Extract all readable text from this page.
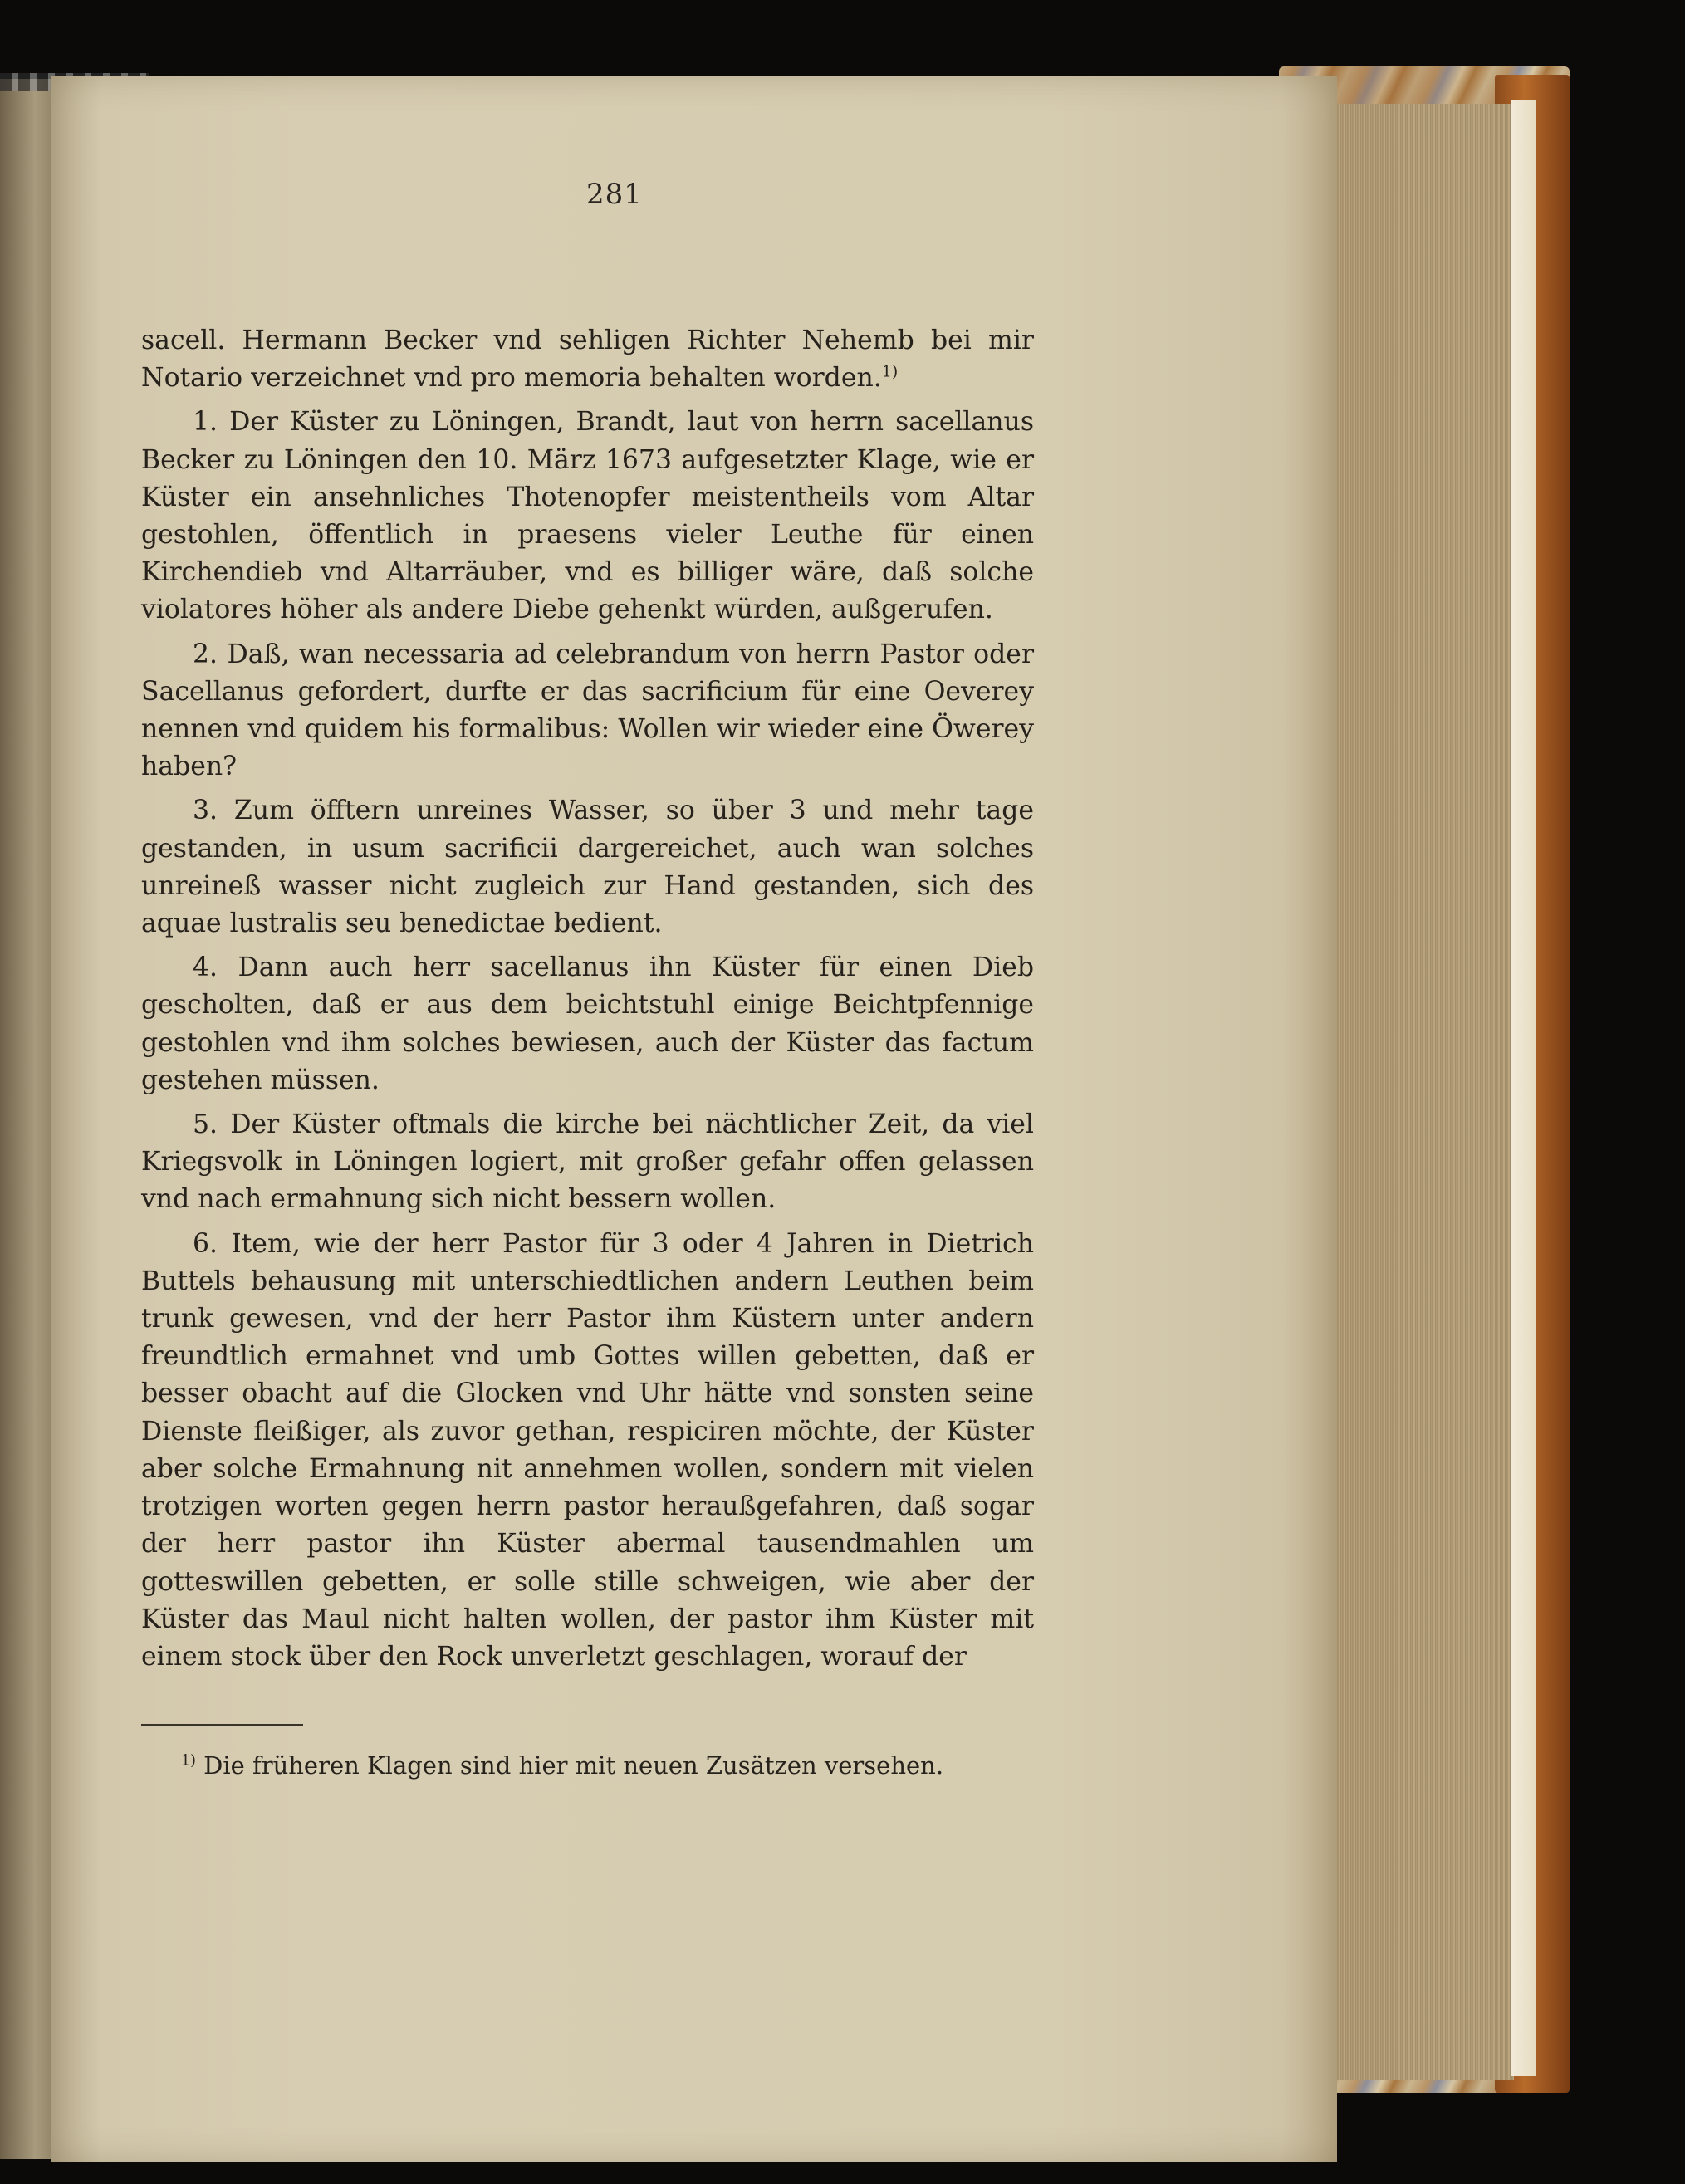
281

sacell. Hermann Becker vnd sehligen Richter Nehemb bei mir Notario verzeichnet vnd pro memoria behalten worden.$^{1)}$

1. Der Küster zu Löningen, Brandt, laut von herrn sacellanus Becker zu Löningen den 10. März 1673 aufgesetzter Klage, wie er Küster ein ansehnliches Thotenopfer meistentheils vom Altar gestohlen, öffentlich in praesens vieler Leuthe für einen Kirchendieb vnd Altarräuber, vnd es billiger wäre, daß solche violatores höher als andere Diebe gehenkt würden, außgerufen.

2. Daß, wan necessaria ad celebrandum von herrn Pastor oder Sacellanus gefordert, durfte er das sacrificium für eine Oeverey nennen vnd quidem his formalibus: Wollen wir wieder eine Öwerey haben?

3. Zum öfftern unreines Wasser, so über 3 und mehr tage gestanden, in usum sacrificii dargereichet, auch wan solches unreineß wasser nicht zugleich zur Hand gestanden, sich des aquae lustralis seu benedictae bedient.

4. Dann auch herr sacellanus ihn Küster für einen Dieb gescholten, daß er aus dem beichtstuhl einige Beichtpfennige gestohlen vnd ihm solches bewiesen, auch der Küster das factum gestehen müssen.

5. Der Küster oftmals die kirche bei nächtlicher Zeit, da viel Kriegsvolk in Löningen logiert, mit großer gefahr offen gelassen vnd nach ermahnung sich nicht bessern wollen.

6. Item, wie der herr Pastor für 3 oder 4 Jahren in Dietrich Buttels behausung mit unterschiedtlichen andern Leuthen beim trunk gewesen, vnd der herr Pastor ihm Küstern unter andern freundtlich ermahnet vnd umb Gottes willen gebetten, daß er besser obacht auf die Glocken vnd Uhr hätte vnd sonsten seine Dienste fleißiger, als zuvor gethan, respiciren möchte, der Küster aber solche Ermahnung nit annehmen wollen, sondern mit vielen trotzigen worten gegen herrn pastor heraußgefahren, daß sogar der herr pastor ihn Küster abermal tausendmahlen um gotteswillen gebetten, er solle stille schweigen, wie aber der Küster das Maul nicht halten wollen, der pastor ihm Küster mit einem stock über den Rock unverletzt geschlagen, worauf der

$^{1)}$ Die früheren Klagen sind hier mit neuen Zusätzen versehen.
